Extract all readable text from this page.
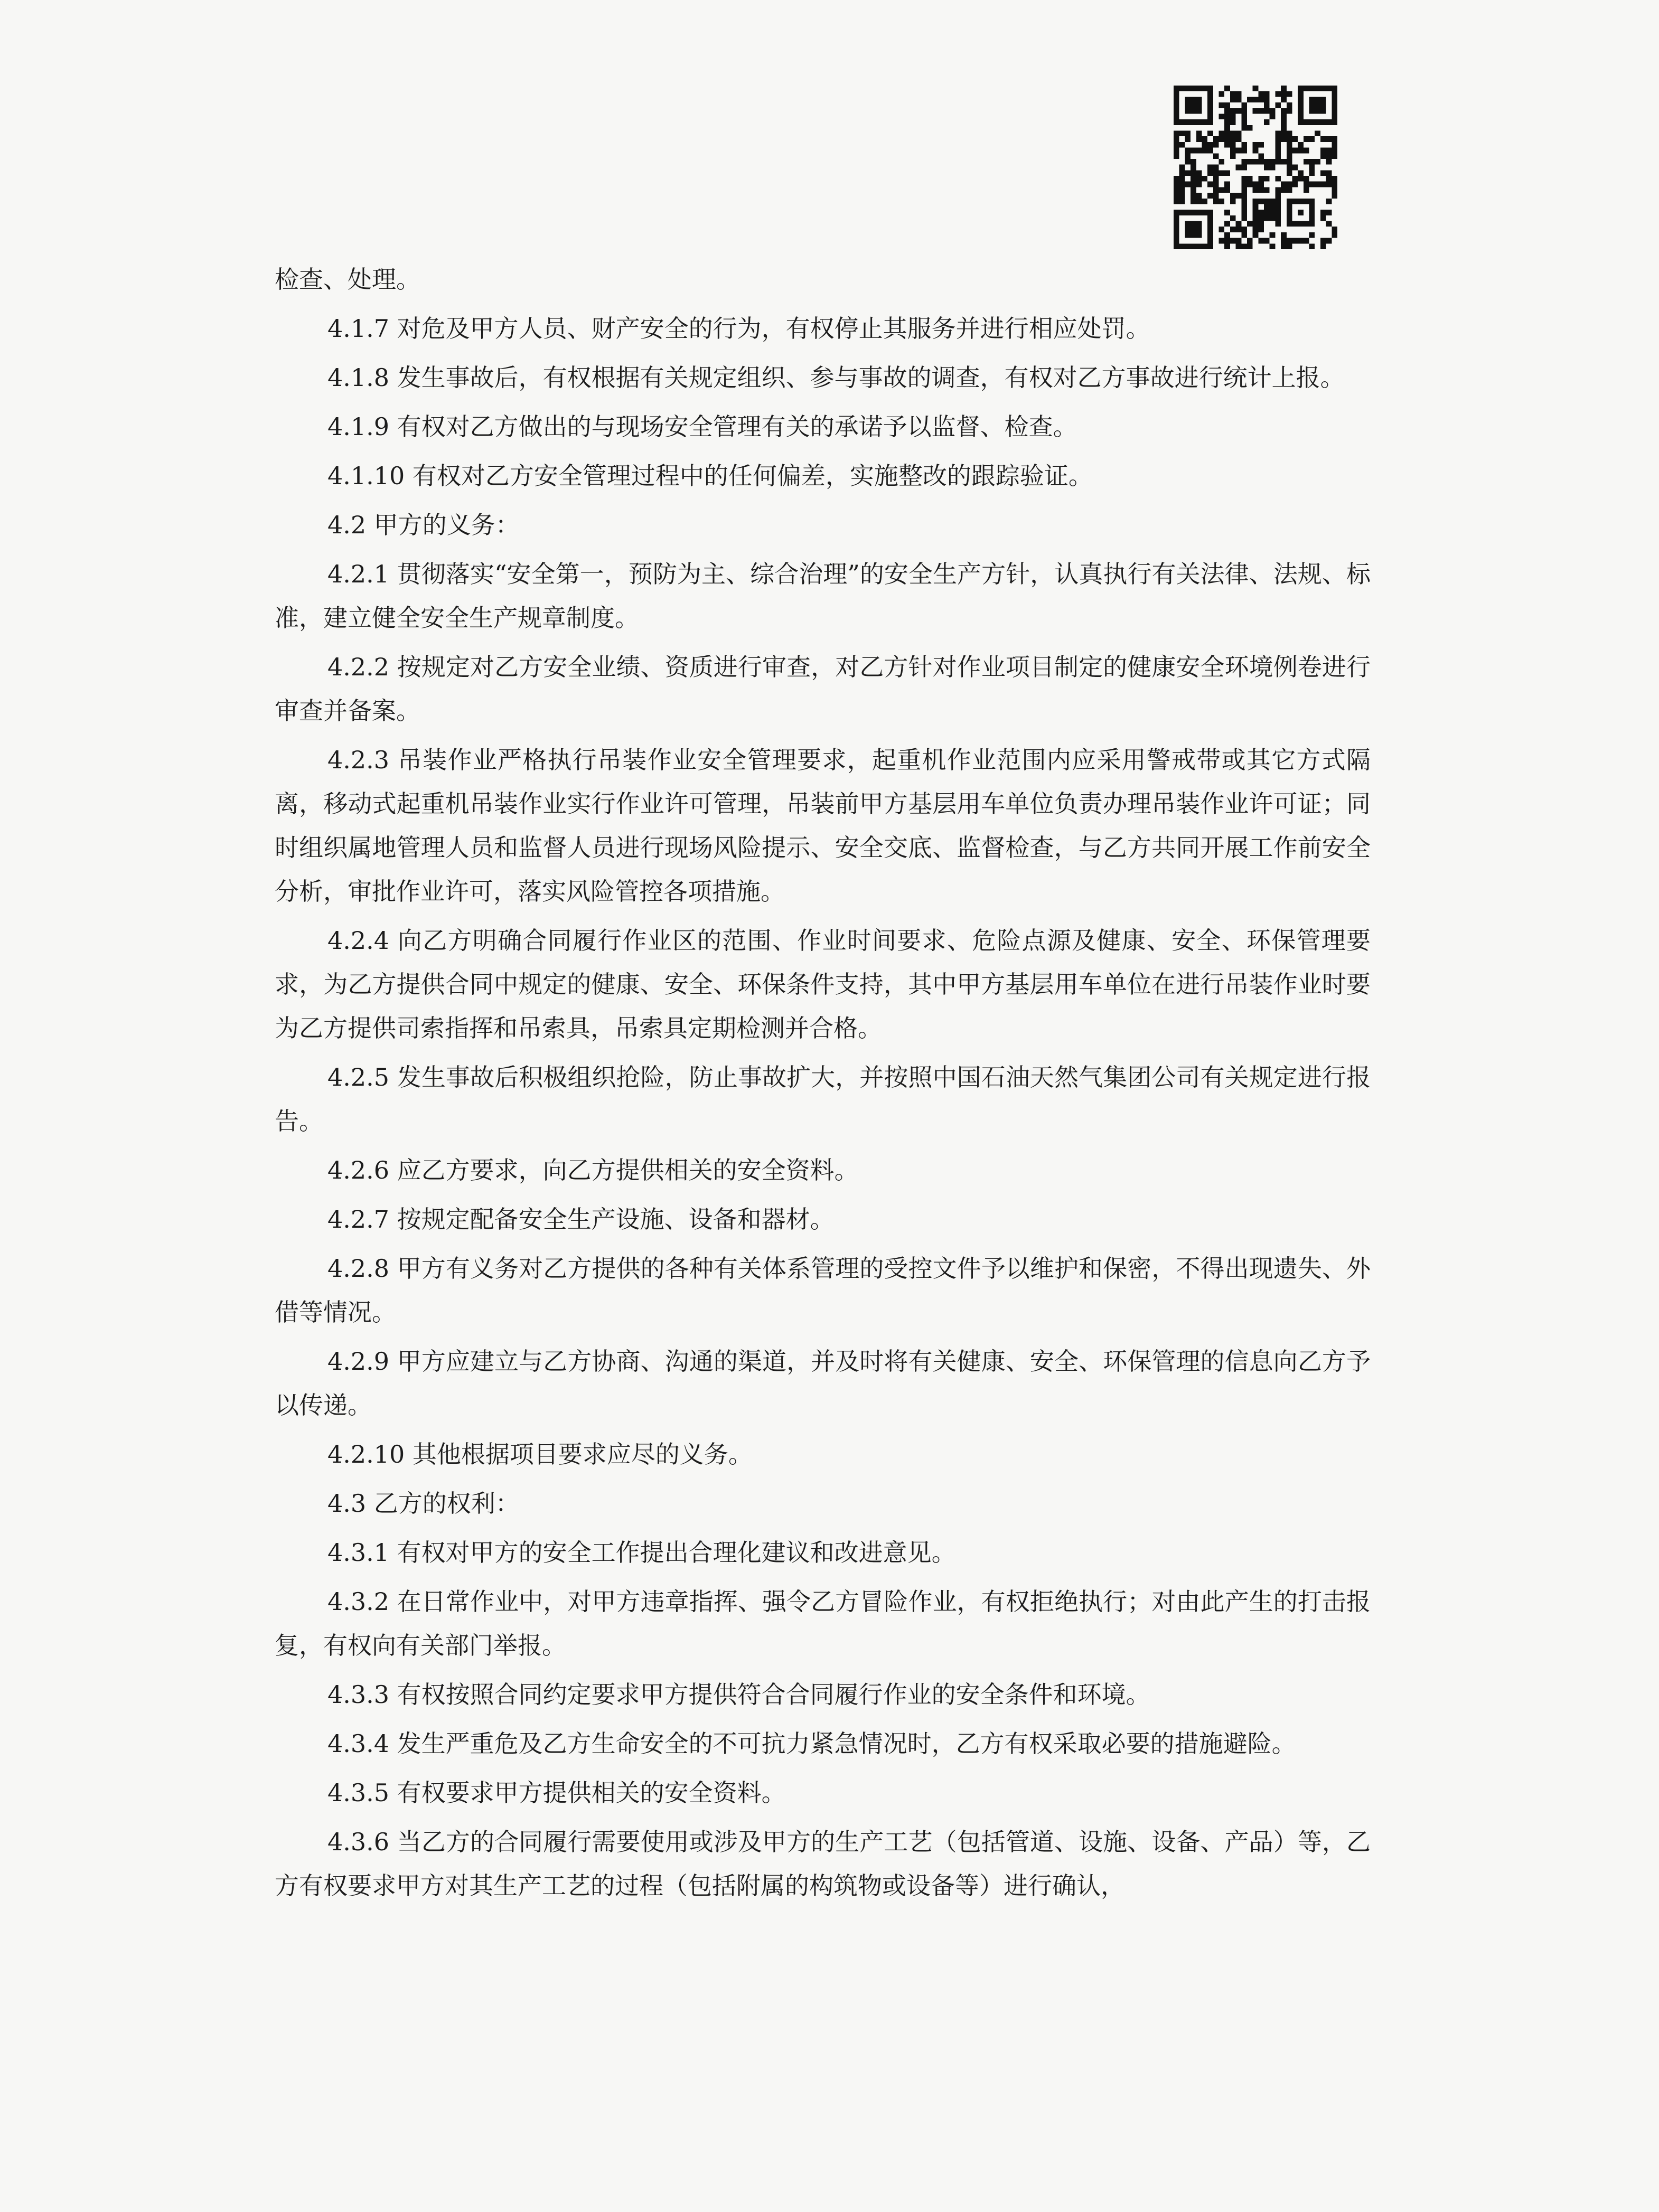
检查、处理。

4.1.7 对危及甲方人员、财产安全的行为，有权停止其服务并进行相应处罚。

4.1.8 发生事故后，有权根据有关规定组织、参与事故的调查，有权对乙方事故进行统计上报。

4.1.9 有权对乙方做出的与现场安全管理有关的承诺予以监督、检查。

4.1.10 有权对乙方安全管理过程中的任何偏差，实施整改的跟踪验证。

4.2 甲方的义务：

4.2.1 贯彻落实“安全第一，预防为主、综合治理”的安全生产方针，认真执行有关法律、法规、标准，建立健全安全生产规章制度。

4.2.2 按规定对乙方安全业绩、资质进行审查，对乙方针对作业项目制定的健康安全环境例卷进行审查并备案。

4.2.3 吊装作业严格执行吊装作业安全管理要求，起重机作业范围内应采用警戒带或其它方式隔离，移动式起重机吊装作业实行作业许可管理，吊装前甲方基层用车单位负责办理吊装作业许可证；同时组织属地管理人员和监督人员进行现场风险提示、安全交底、监督检查，与乙方共同开展工作前安全分析，审批作业许可，落实风险管控各项措施。

4.2.4 向乙方明确合同履行作业区的范围、作业时间要求、危险点源及健康、安全、环保管理要求，为乙方提供合同中规定的健康、安全、环保条件支持，其中甲方基层用车单位在进行吊装作业时要为乙方提供司索指挥和吊索具，吊索具定期检测并合格。

4.2.5 发生事故后积极组织抢险，防止事故扩大，并按照中国石油天然气集团公司有关规定进行报告。

4.2.6 应乙方要求，向乙方提供相关的安全资料。

4.2.7 按规定配备安全生产设施、设备和器材。

4.2.8 甲方有义务对乙方提供的各种有关体系管理的受控文件予以维护和保密，不得出现遗失、外借等情况。

4.2.9 甲方应建立与乙方协商、沟通的渠道，并及时将有关健康、安全、环保管理的信息向乙方予以传递。

4.2.10 其他根据项目要求应尽的义务。

4.3 乙方的权利：

4.3.1 有权对甲方的安全工作提出合理化建议和改进意见。

4.3.2 在日常作业中，对甲方违章指挥、强令乙方冒险作业，有权拒绝执行；对由此产生的打击报复，有权向有关部门举报。

4.3.3 有权按照合同约定要求甲方提供符合合同履行作业的安全条件和环境。

4.3.4 发生严重危及乙方生命安全的不可抗力紧急情况时，乙方有权采取必要的措施避险。

4.3.5 有权要求甲方提供相关的安全资料。

4.3.6 当乙方的合同履行需要使用或涉及甲方的生产工艺（包括管道、设施、设备、产品）等，乙方有权要求甲方对其生产工艺的过程（包括附属的构筑物或设备等）进行确认，
